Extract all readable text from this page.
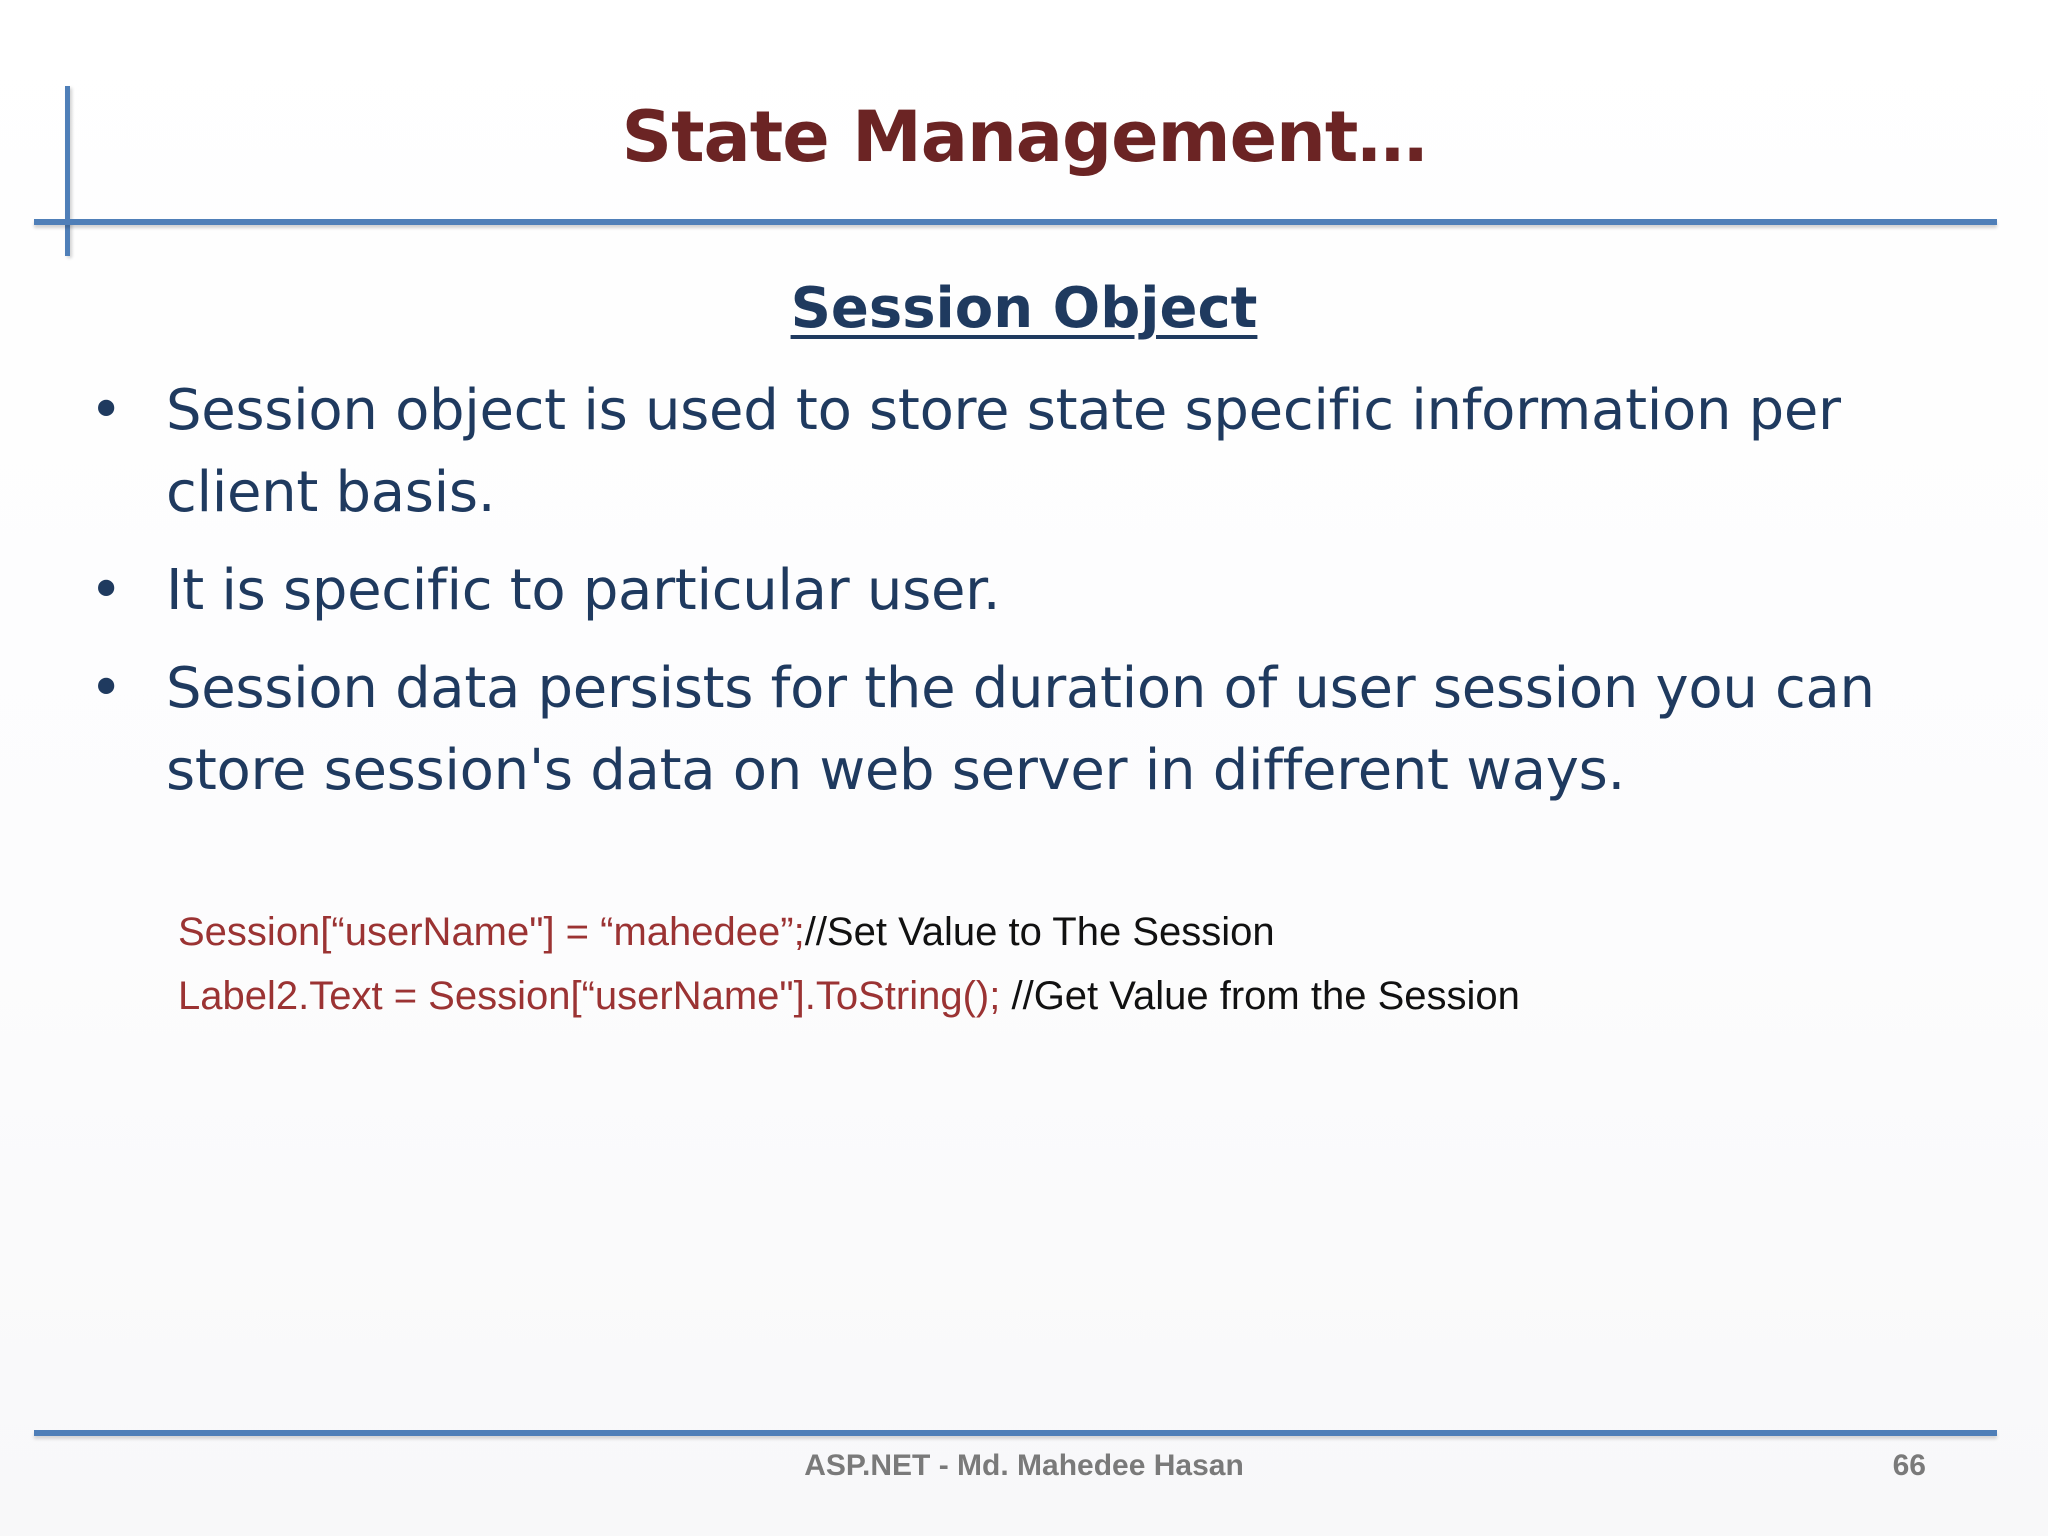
State Management…
Session Object
• Session object is used to store state specific information per client basis.
• It is specific to particular user.
• Session data persists for the duration of user session you can store session's data on web server in different ways.
Session[“userName"] = “mahedee”;//Set Value to The Session
Label2.Text = Session[“userName"].ToString(); //Get Value from the Session
ASP.NET - Md. Mahedee Hasan	66
